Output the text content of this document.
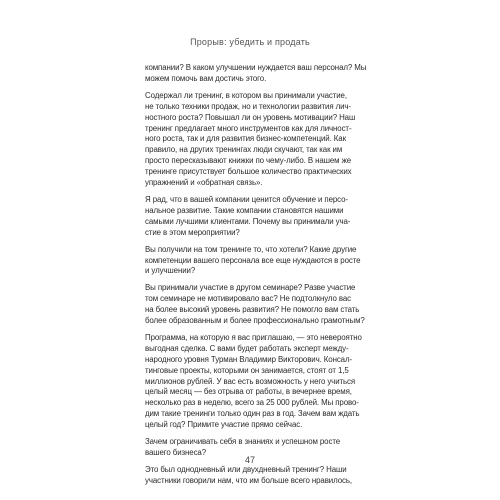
Прорыв: убедить и продать
компании? В каком улучшении нуждается ваш персонал? Мы
можем помочь вам достичь этого.
Содержал ли тренинг, в котором вы принимали участие,
не только техники продаж, но и технологии развития лич-
ностного роста? Повышал ли он уровень мотивации? Наш
тренинг предлагает много инструментов как для личност-
ного роста, так и для развития бизнес-компетенций. Как
правило, на других тренингах люди скучают, так как им
просто пересказывают книжки по чему-либо. В нашем же
тренинге присутствует большое количество практических
упражнений и «обратная связь».
Я рад, что в вашей компании ценится обучение и персо-
нальное развитие. Такие компании становятся нашими
самыми лучшими клиентами. Почему вы принимали уча-
стие в этом мероприятии?
Вы получили на том тренинге то, что хотели? Какие другие
компетенции вашего персонала все еще нуждаются в росте
и улучшении?
Вы принимали участие в другом семинаре? Разве участие
том семинаре не мотивировало вас? Не подтолкнуло вас
на более высокий уровень развития? Не помогло вам стать
более образованным и более профессионально грамотным?
Программа, на которую я вас приглашаю, — это невероятно
выгодная сделка. С вами будет работать эксперт между-
народного уровня Турман Владимир Викторович. Консал-
тинговые проекты, которыми он занимается, стоят от 1,5
миллионов рублей. У вас есть возможность у него учиться
целый месяц — без отрыва от работы, в вечернее время,
несколько раз в неделю, всего за 25 000 рублей. Мы прово-
дим такие тренинги только один раз в год. Зачем вам ждать
целый год? Примите участие прямо сейчас.
Зачем ограничивать себя в знаниях и успешном росте
вашего бизнеса?
Это был однодневный или двухдневный тренинг? Наши
участники говорили нам, что им больше всего нравилось,
47
